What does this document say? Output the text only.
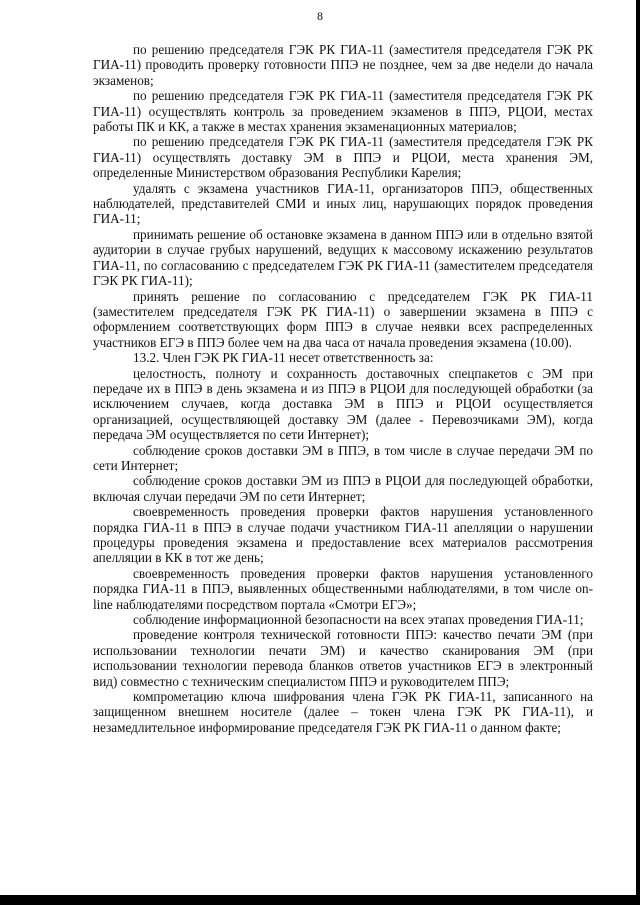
8

по решению председателя ГЭК РК ГИА-11 (заместителя председателя ГЭК РК ГИА-11) проводить проверку готовности ППЭ не позднее, чем за две недели до начала экзаменов;

по решению председателя ГЭК РК ГИА-11 (заместителя председателя ГЭК РК ГИА-11) осуществлять контроль за проведением экзаменов в ППЭ, РЦОИ, местах работы ПК и КК, а также в местах хранения экзаменационных материалов;

по решению председателя ГЭК РК ГИА-11 (заместителя председателя ГЭК РК ГИА-11) осуществлять доставку ЭМ в ППЭ и РЦОИ, места хранения ЭМ, определенные Министерством образования Республики Карелия;

удалять с экзамена участников ГИА-11, организаторов ППЭ, общественных наблюдателей, представителей СМИ и иных лиц, нарушающих порядок проведения ГИА-11;

принимать решение об остановке экзамена в данном ППЭ или в отдельно взятой аудитории в случае грубых нарушений, ведущих к массовому искажению результатов ГИА-11, по согласованию с председателем ГЭК РК ГИА-11 (заместителем председателя ГЭК РК ГИА-11);

принять решение по согласованию с председателем ГЭК РК ГИА-11 (заместителем председателя ГЭК РК ГИА-11) о завершении экзамена в ППЭ с оформлением соответствующих форм ППЭ в случае неявки всех распределенных участников ЕГЭ в ППЭ более чем на два часа от начала проведения экзамена (10.00).

13.2. Член ГЭК РК ГИА-11 несет ответственность за:

целостность, полноту и сохранность доставочных спецпакетов с ЭМ при передаче их в ППЭ в день экзамена и из ППЭ в РЦОИ для последующей обработки (за исключением случаев, когда доставка ЭМ в ППЭ и РЦОИ осуществляется организацией, осуществляющей доставку ЭМ (далее - Перевозчиками ЭМ), когда передача ЭМ осуществляется по сети Интернет);

соблюдение сроков доставки ЭМ в ППЭ, в том числе в случае передачи ЭМ по сети Интернет;

соблюдение сроков доставки ЭМ из ППЭ в РЦОИ для последующей обработки, включая случаи передачи ЭМ по сети Интернет;

своевременность проведения проверки фактов нарушения установленного порядка ГИА-11 в ППЭ в случае подачи участником ГИА-11 апелляции о нарушении процедуры проведения экзамена и предоставление всех материалов рассмотрения апелляции в КК в тот же день;

своевременность проведения проверки фактов нарушения установленного порядка ГИА-11 в ППЭ, выявленных общественными наблюдателями, в том числе on-line наблюдателями посредством портала «Смотри ЕГЭ»;

соблюдение информационной безопасности на всех этапах проведения ГИА-11;

проведение контроля технической готовности ППЭ: качество печати ЭМ (при использовании технологии печати ЭМ) и качество сканирования ЭМ (при использовании технологии перевода бланков ответов участников ЕГЭ в электронный вид) совместно с техническим специалистом ППЭ и руководителем ППЭ;

компрометацию ключа шифрования члена ГЭК РК ГИА-11, записанного на защищенном внешнем носителе (далее – токен члена ГЭК РК ГИА-11), и незамедлительное информирование председателя ГЭК РК ГИА-11 о данном факте;
